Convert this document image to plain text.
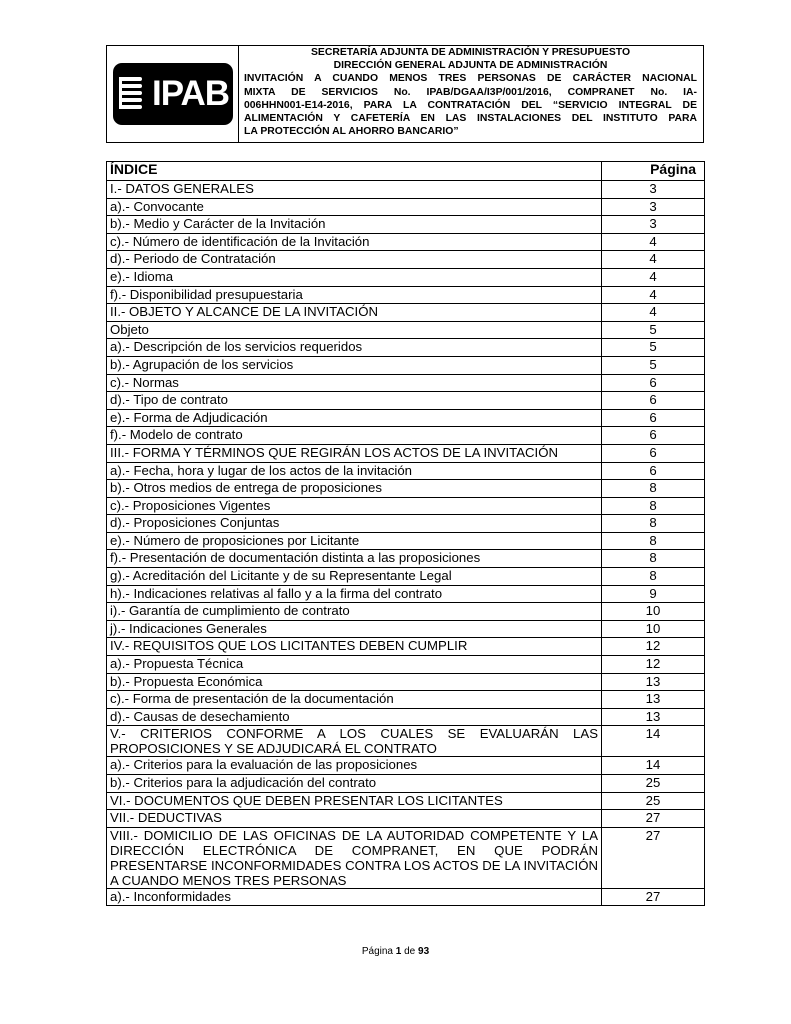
IPAB
SECRETARÍA ADJUNTA DE ADMINISTRACIÓN Y PRESUPUESTO
DIRECCIÓN GENERAL ADJUNTA DE ADMINISTRACIÓN
INVITACIÓN A CUANDO MENOS TRES PERSONAS DE CARÁCTER NACIONAL
MIXTA DE SERVICIOS No. IPAB/DGAA/I3P/001/2016, COMPRANET No. IA-
006HHN001-E14-2016, PARA LA CONTRATACIÓN DEL “SERVICIO INTEGRAL DE
ALIMENTACIÓN Y CAFETERÍA EN LAS INSTALACIONES DEL INSTITUTO PARA
LA PROTECCIÓN AL AHORRO BANCARIO”
ÍNDICE	Página
I.- DATOS GENERALES	3
a).- Convocante	3
b).- Medio y Carácter de la Invitación	3
c).- Número de identificación de la Invitación	4
d).- Periodo de Contratación	4
e).- Idioma	4
f).- Disponibilidad presupuestaria	4
II.- OBJETO Y ALCANCE DE LA INVITACIÓN	4
Objeto	5
a).- Descripción de los servicios requeridos	5
b).- Agrupación de los servicios	5
c).- Normas	6
d).- Tipo de contrato	6
e).- Forma de Adjudicación	6
f).- Modelo de contrato	6
III.- FORMA Y TÉRMINOS QUE REGIRÁN LOS ACTOS DE LA INVITACIÓN	6
a).- Fecha, hora y lugar de los actos de la invitación	6
b).- Otros medios de entrega de proposiciones	8
c).- Proposiciones Vigentes	8
d).- Proposiciones Conjuntas	8
e).- Número de proposiciones por Licitante	8
f).- Presentación de documentación distinta a las proposiciones	8
g).- Acreditación del Licitante y de su Representante Legal	8
h).- Indicaciones relativas al fallo y a la firma del contrato	9
i).- Garantía de cumplimiento de contrato	10
j).- Indicaciones Generales	10
IV.- REQUISITOS QUE LOS LICITANTES DEBEN CUMPLIR	12
a).- Propuesta Técnica	12
b).- Propuesta Económica	13
c).- Forma de presentación de la documentación	13
d).- Causas de desechamiento	13
V.- CRITERIOS CONFORME A LOS CUALES SE EVALUARÁN LAS PROPOSICIONES Y SE ADJUDICARÁ EL CONTRATO	14
a).- Criterios para la evaluación de las proposiciones	14
b).- Criterios para la adjudicación del contrato	25
VI.- DOCUMENTOS QUE DEBEN PRESENTAR LOS LICITANTES	25
VII.- DEDUCTIVAS	27
VIII.- DOMICILIO DE LAS OFICINAS DE LA AUTORIDAD COMPETENTE Y LA DIRECCIÓN ELECTRÓNICA DE COMPRANET, EN QUE PODRÁN PRESENTARSE INCONFORMIDADES CONTRA LOS ACTOS DE LA INVITACIÓN A CUANDO MENOS TRES PERSONAS	27
a).- Inconformidades	27
Página 1 de 93
